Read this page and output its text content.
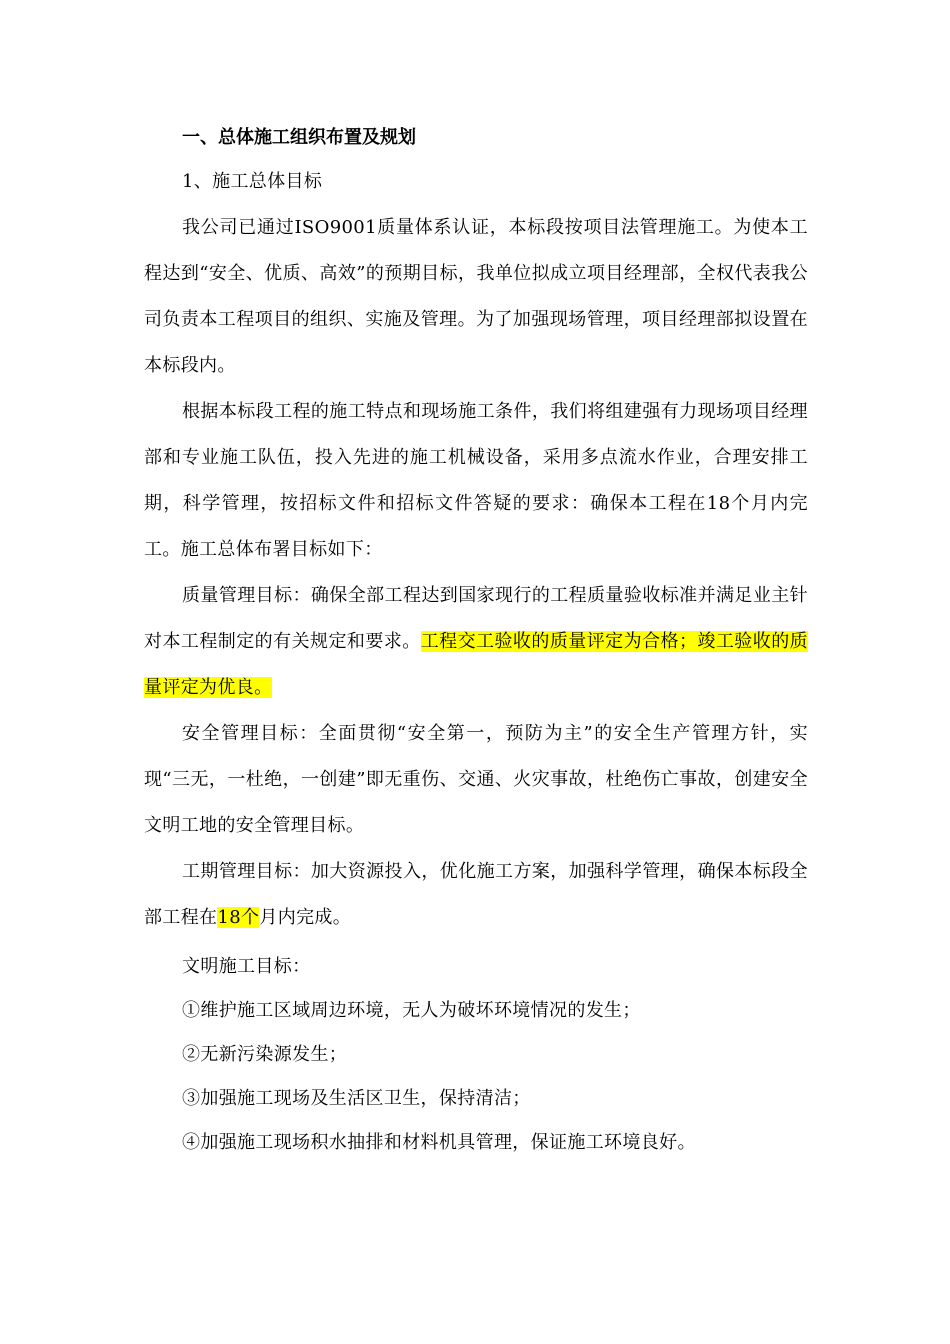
一、总体施工组织布置及规划
1、施工总体目标

我公司已通过ISO9001质量体系认证，本标段按项目法管理施工。为使本工程达到“安全、优质、高效”的预期目标，我单位拟成立项目经理部，全权代表我公司负责本工程项目的组织、实施及管理。为了加强现场管理，项目经理部拟设置在本标段内。

根据本标段工程的施工特点和现场施工条件，我们将组建强有力现场项目经理部和专业施工队伍，投入先进的施工机械设备，采用多点流水作业，合理安排工期，科学管理，按招标文件和招标文件答疑的要求：确保本工程在18个月内完工。施工总体布署目标如下：

质量管理目标：确保全部工程达到国家现行的工程质量验收标准并满足业主针对本工程制定的有关规定和要求。工程交工验收的质量评定为合格；竣工验收的质量评定为优良。

安全管理目标：全面贯彻“安全第一，预防为主”的安全生产管理方针，实现“三无，一杜绝，一创建”即无重伤、交通、火灾事故，杜绝伤亡事故，创建安全文明工地的安全管理目标。

工期管理目标：加大资源投入，优化施工方案，加强科学管理，确保本标段全部工程在18个月内完成。

文明施工目标：
①维护施工区域周边环境，无人为破坏环境情况的发生；
②无新污染源发生；
③加强施工现场及生活区卫生，保持清洁；
④加强施工现场积水抽排和材料机具管理，保证施工环境良好。
